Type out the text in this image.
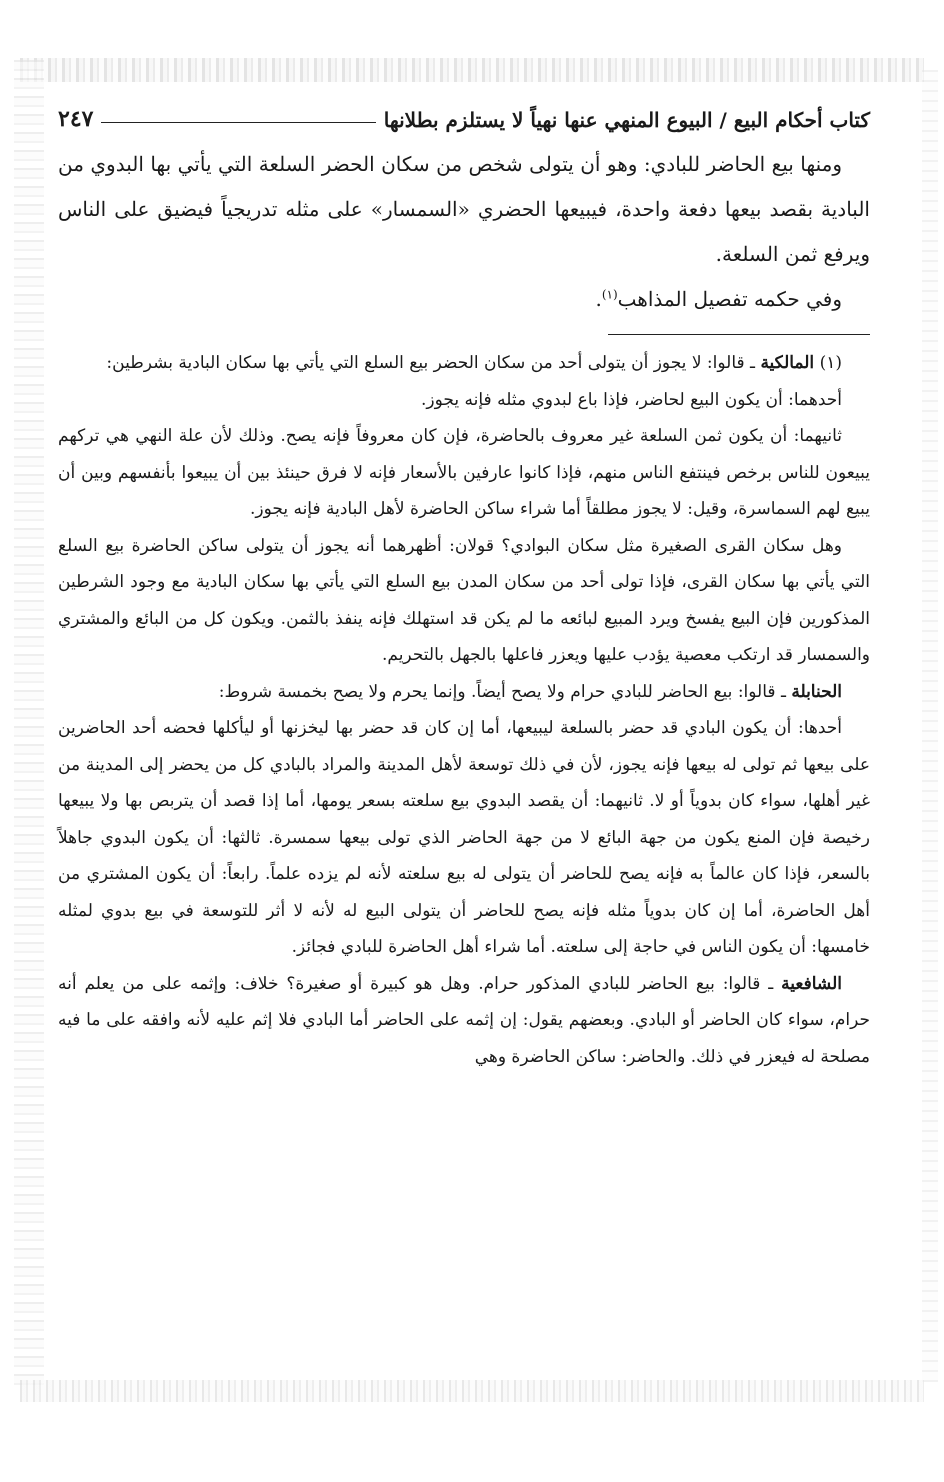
كتاب أحكام البيع / البيوع المنهي عنها نهياً لا يستلزم بطلانها
٢٤٧

ومنها بيع الحاضر للبادي: وهو أن يتولى شخص من سكان الحضر السلعة التي يأتي بها البدوي من البادية بقصد بيعها دفعة واحدة، فيبيعها الحضري «السمسار» على مثله تدريجياً فيضيق على الناس ويرفع ثمن السلعة.

وفي حكمه تفصيل المذاهب$^{(١)}$.

(١) المالكية ـ قالوا: لا يجوز أن يتولى أحد من سكان الحضر بيع السلع التي يأتي بها سكان البادية بشرطين:

أحدهما: أن يكون البيع لحاضر، فإذا باع لبدوي مثله فإنه يجوز.

ثانيهما: أن يكون ثمن السلعة غير معروف بالحاضرة، فإن كان معروفاً فإنه يصح. وذلك لأن علة النهي هي تركهم يبيعون للناس برخص فينتفع الناس منهم، فإذا كانوا عارفين بالأسعار فإنه لا فرق حينئذ بين أن يبيعوا بأنفسهم وبين أن يبيع لهم السماسرة، وقيل: لا يجوز مطلقاً أما شراء ساكن الحاضرة لأهل البادية فإنه يجوز.

وهل سكان القرى الصغيرة مثل سكان البوادي؟ قولان: أظهرهما أنه يجوز أن يتولى ساكن الحاضرة بيع السلع التي يأتي بها سكان القرى، فإذا تولى أحد من سكان المدن بيع السلع التي يأتي بها سكان البادية مع وجود الشرطين المذكورين فإن البيع يفسخ ويرد المبيع لبائعه ما لم يكن قد استهلك فإنه ينفذ بالثمن. ويكون كل من البائع والمشتري والسمسار قد ارتكب معصية يؤدب عليها ويعزر فاعلها بالجهل بالتحريم.

الحنابلة ـ قالوا: بيع الحاضر للبادي حرام ولا يصح أيضاً. وإنما يحرم ولا يصح بخمسة شروط:

أحدها: أن يكون البادي قد حضر بالسلعة ليبيعها، أما إن كان قد حضر بها ليخزنها أو ليأكلها فحضه أحد الحاضرين على بيعها ثم تولى له بيعها فإنه يجوز، لأن في ذلك توسعة لأهل المدينة والمراد بالبادي كل من يحضر إلى المدينة من غير أهلها، سواء كان بدوياً أو لا. ثانيهما: أن يقصد البدوي بيع سلعته بسعر يومها، أما إذا قصد أن يتربص بها ولا يبيعها رخيصة فإن المنع يكون من جهة البائع لا من جهة الحاضر الذي تولى بيعها سمسرة. ثالثها: أن يكون البدوي جاهلاً بالسعر، فإذا كان عالماً به فإنه يصح للحاضر أن يتولى له بيع سلعته لأنه لم يزده علماً. رابعاً: أن يكون المشتري من أهل الحاضرة، أما إن كان بدوياً مثله فإنه يصح للحاضر أن يتولى البيع له لأنه لا أثر للتوسعة في بيع بدوي لمثله خامسها: أن يكون الناس في حاجة إلى سلعته. أما شراء أهل الحاضرة للبادي فجائز.

الشافعية ـ قالوا: بيع الحاضر للبادي المذكور حرام. وهل هو كبيرة أو صغيرة؟ خلاف: وإثمه على من يعلم أنه حرام، سواء كان الحاضر أو البادي. وبعضهم يقول: إن إثمه على الحاضر أما البادي فلا إثم عليه لأنه وافقه على ما فيه مصلحة له فيعزر في ذلك. والحاضر: ساكن الحاضرة وهي
